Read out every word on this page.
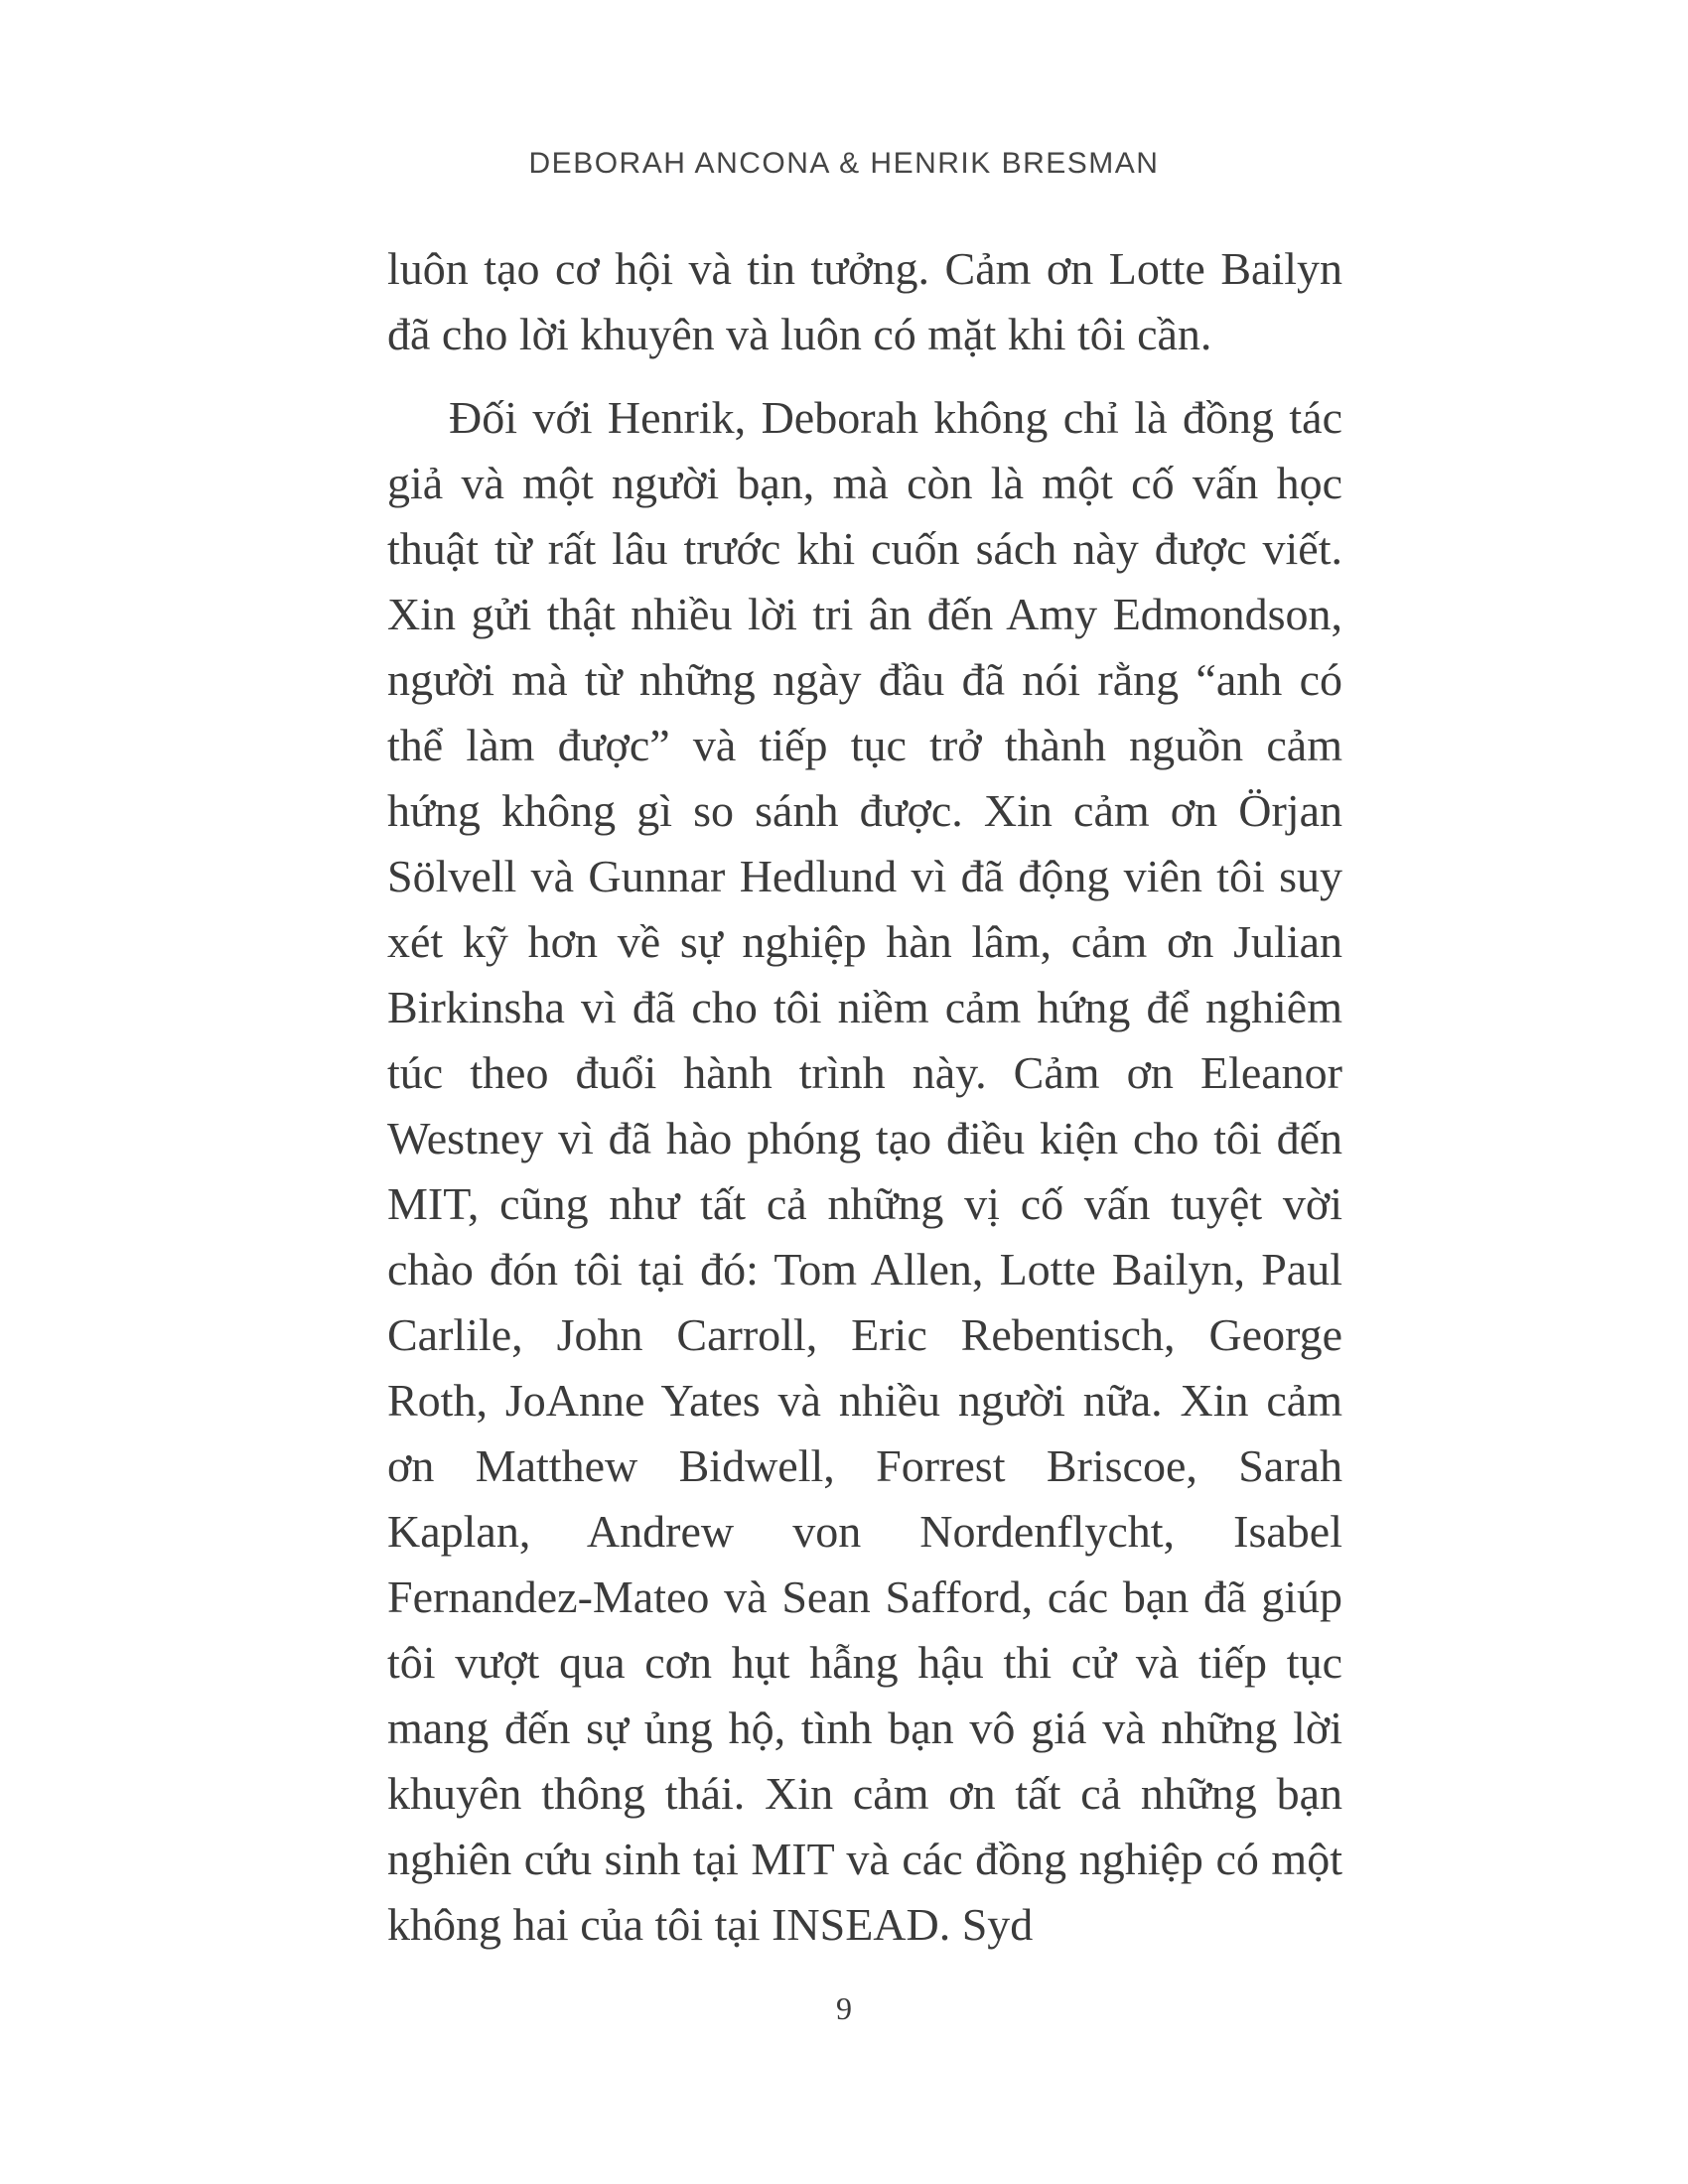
DEBORAH ANCONA & HENRIK BRESMAN

luôn tạo cơ hội và tin tưởng. Cảm ơn Lotte Bailyn đã cho lời khuyên và luôn có mặt khi tôi cần.

Đối với Henrik, Deborah không chỉ là đồng tác giả và một người bạn, mà còn là một cố vấn học thuật từ rất lâu trước khi cuốn sách này được viết. Xin gửi thật nhiều lời tri ân đến Amy Edmondson, người mà từ những ngày đầu đã nói rằng “anh có thể làm được” và tiếp tục trở thành nguồn cảm hứng không gì so sánh được. Xin cảm ơn Örjan Sölvell và Gunnar Hedlund vì đã động viên tôi suy xét kỹ hơn về sự nghiệp hàn lâm, cảm ơn Julian Birkinsha vì đã cho tôi niềm cảm hứng để nghiêm túc theo đuổi hành trình này. Cảm ơn Eleanor Westney vì đã hào phóng tạo điều kiện cho tôi đến MIT, cũng như tất cả những vị cố vấn tuyệt vời chào đón tôi tại đó: Tom Allen, Lotte Bailyn, Paul Carlile, John Carroll, Eric Rebentisch, George Roth, JoAnne Yates và nhiều người nữa. Xin cảm ơn Matthew Bidwell, Forrest Briscoe, Sarah Kaplan, Andrew von Nordenflycht, Isabel Fernandez-Mateo và Sean Safford, các bạn đã giúp tôi vượt qua cơn hụt hẫng hậu thi cử và tiếp tục mang đến sự ủng hộ, tình bạn vô giá và những lời khuyên thông thái. Xin cảm ơn tất cả những bạn nghiên cứu sinh tại MIT và các đồng nghiệp có một không hai của tôi tại INSEAD. Syd

9
